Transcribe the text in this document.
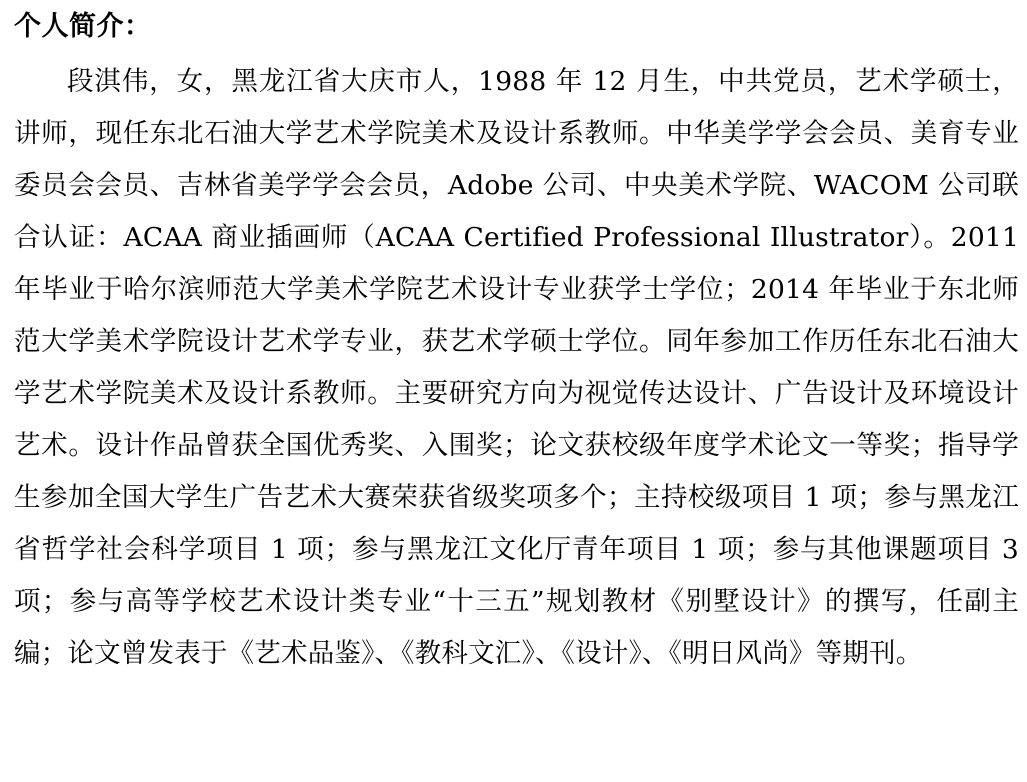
个人简介：

段淇伟，女，黑龙江省大庆市人，1988 年 12 月生，中共党员，艺术学硕士，讲师，现任东北石油大学艺术学院美术及设计系教师。中华美学学会会员、美育专业委员会会员、吉林省美学学会会员，Adobe 公司、中央美术学院、WACOM 公司联合认证：ACAA 商业插画师（ACAA Certified Professional Illustrator）。2011 年毕业于哈尔滨师范大学美术学院艺术设计专业获学士学位；2014 年毕业于东北师范大学美术学院设计艺术学专业，获艺术学硕士学位。同年参加工作历任东北石油大学艺术学院美术及设计系教师。主要研究方向为视觉传达设计、广告设计及环境设计艺术。设计作品曾获全国优秀奖、入围奖；论文获校级年度学术论文一等奖；指导学生参加全国大学生广告艺术大赛荣获省级奖项多个；主持校级项目 1 项；参与黑龙江省哲学社会科学项目 1 项；参与黑龙江文化厅青年项目 1 项；参与其他课题项目 3 项；参与高等学校艺术设计类专业“十三五”规划教材《别墅设计》的撰写，任副主编；论文曾发表于《艺术品鉴》、《教科文汇》、《设计》、《明日风尚》等期刊。
